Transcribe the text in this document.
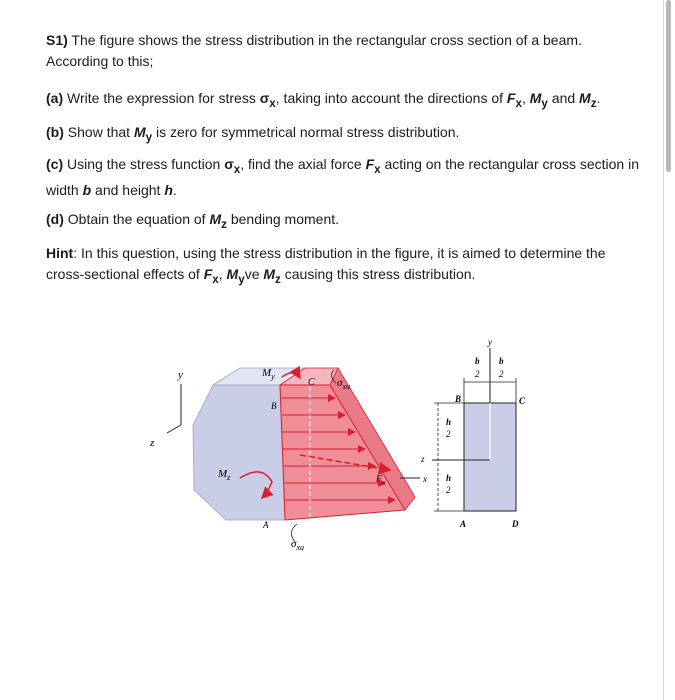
S1) The figure shows the stress distribution in the rectangular cross section of a beam. According to this;

(a) Write the expression for stress $\sigma_x$, taking into account the directions of $F_x$, $M_y$ and $M_z$.

(b) Show that $M_y$ is zero for symmetrical normal stress distribution.

(c) Using the stress function $\sigma_x$, find the axial force $F_x$ acting on the rectangular cross section in width b and height h.

(d) Obtain the equation of $M_z$ bending moment.

Hint: In this question, using the stress distribution in the figure, it is aimed to determine the cross-sectional effects of $F_x$, $M_yve$ $M_z$ causing this stress distribution.

y
z
$M_y$
C
B
A
$\sigma_{xu}$
$M_z$
$\sigma_{xa}$
$F_x$
z
x
y
b
2
b
2
h
2
h
2
B	C
A	D
